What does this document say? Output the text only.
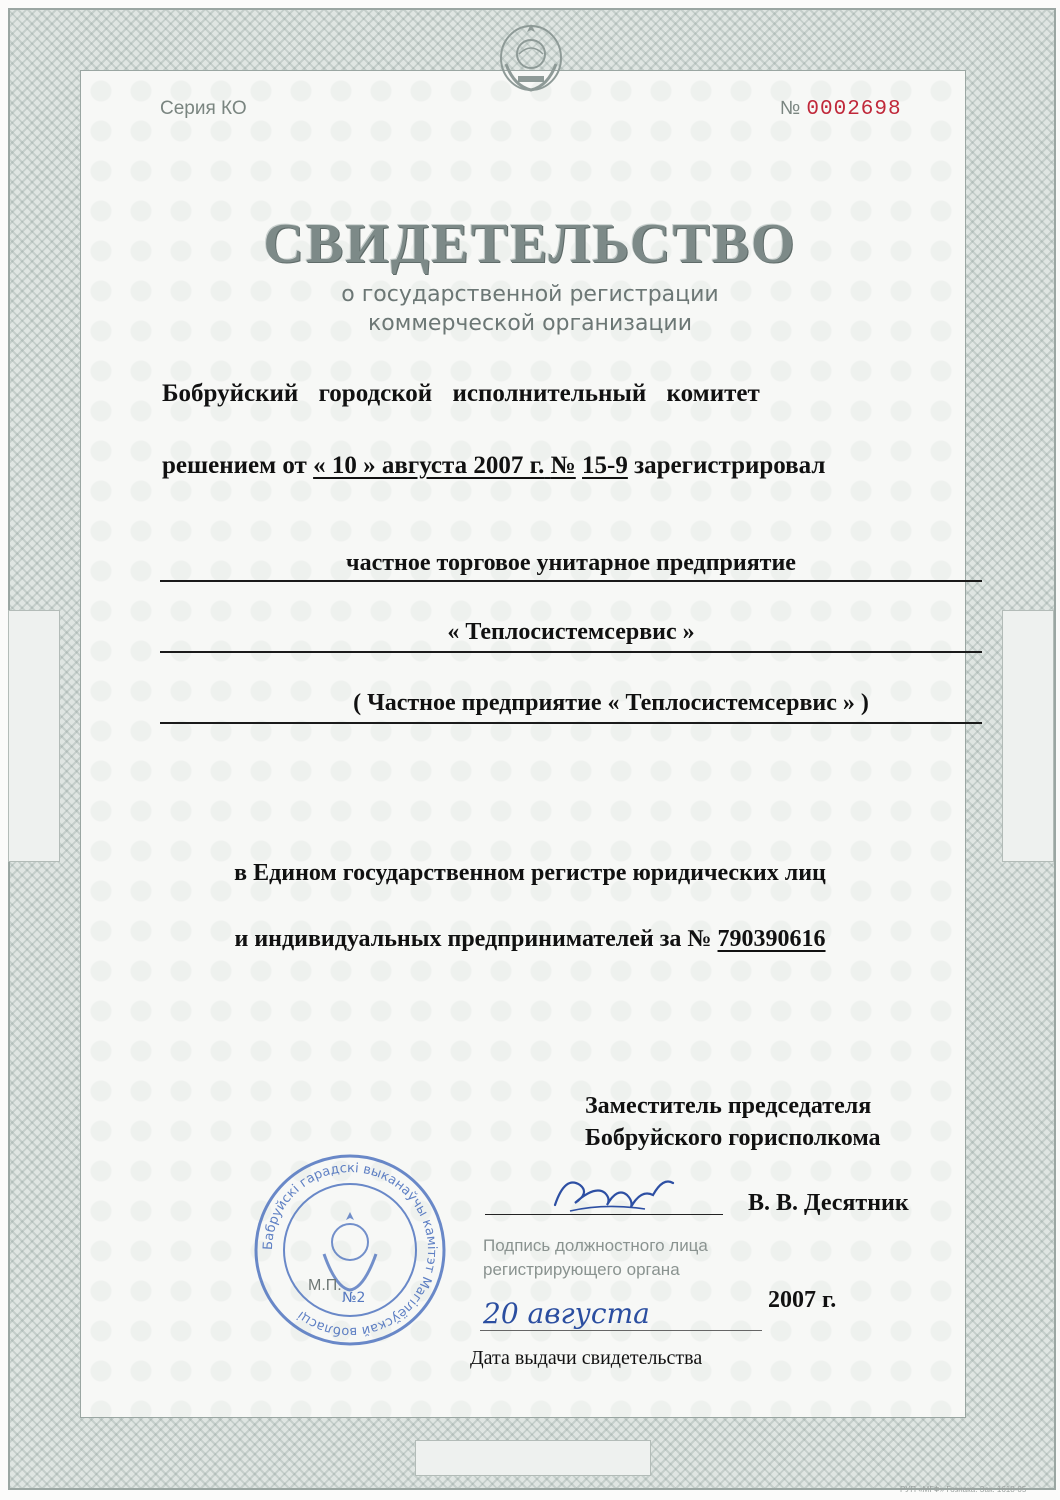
Серия КО	№ 0002698
СВИДЕТЕЛЬСТВО
о государственной регистрации
коммерческой организации
Бобруйский городской исполнительный комитет
решением от « 10 » августа 2007 г. № 15-9 зарегистрировал
частное торговое унитарное предприятие
« Теплосистемсервис »
( Частное предприятие « Теплосистемсервис » )
в Едином государственном регистре юридических лиц
и индивидуальных предпринимателей за № 790390616
Заместитель председателя
Бобруйского горисполкома
В. В. Десятник
Подпись должностного лица
регистрирующего органа
20 августа	2007 г.
Дата выдачи свидетельства
Бабруйскі гарадскі выканаўчы камітэт Магілёўскай вобласці
№2
М.П.
РУП «МГФ» Гознака. Зак. 1618-05
